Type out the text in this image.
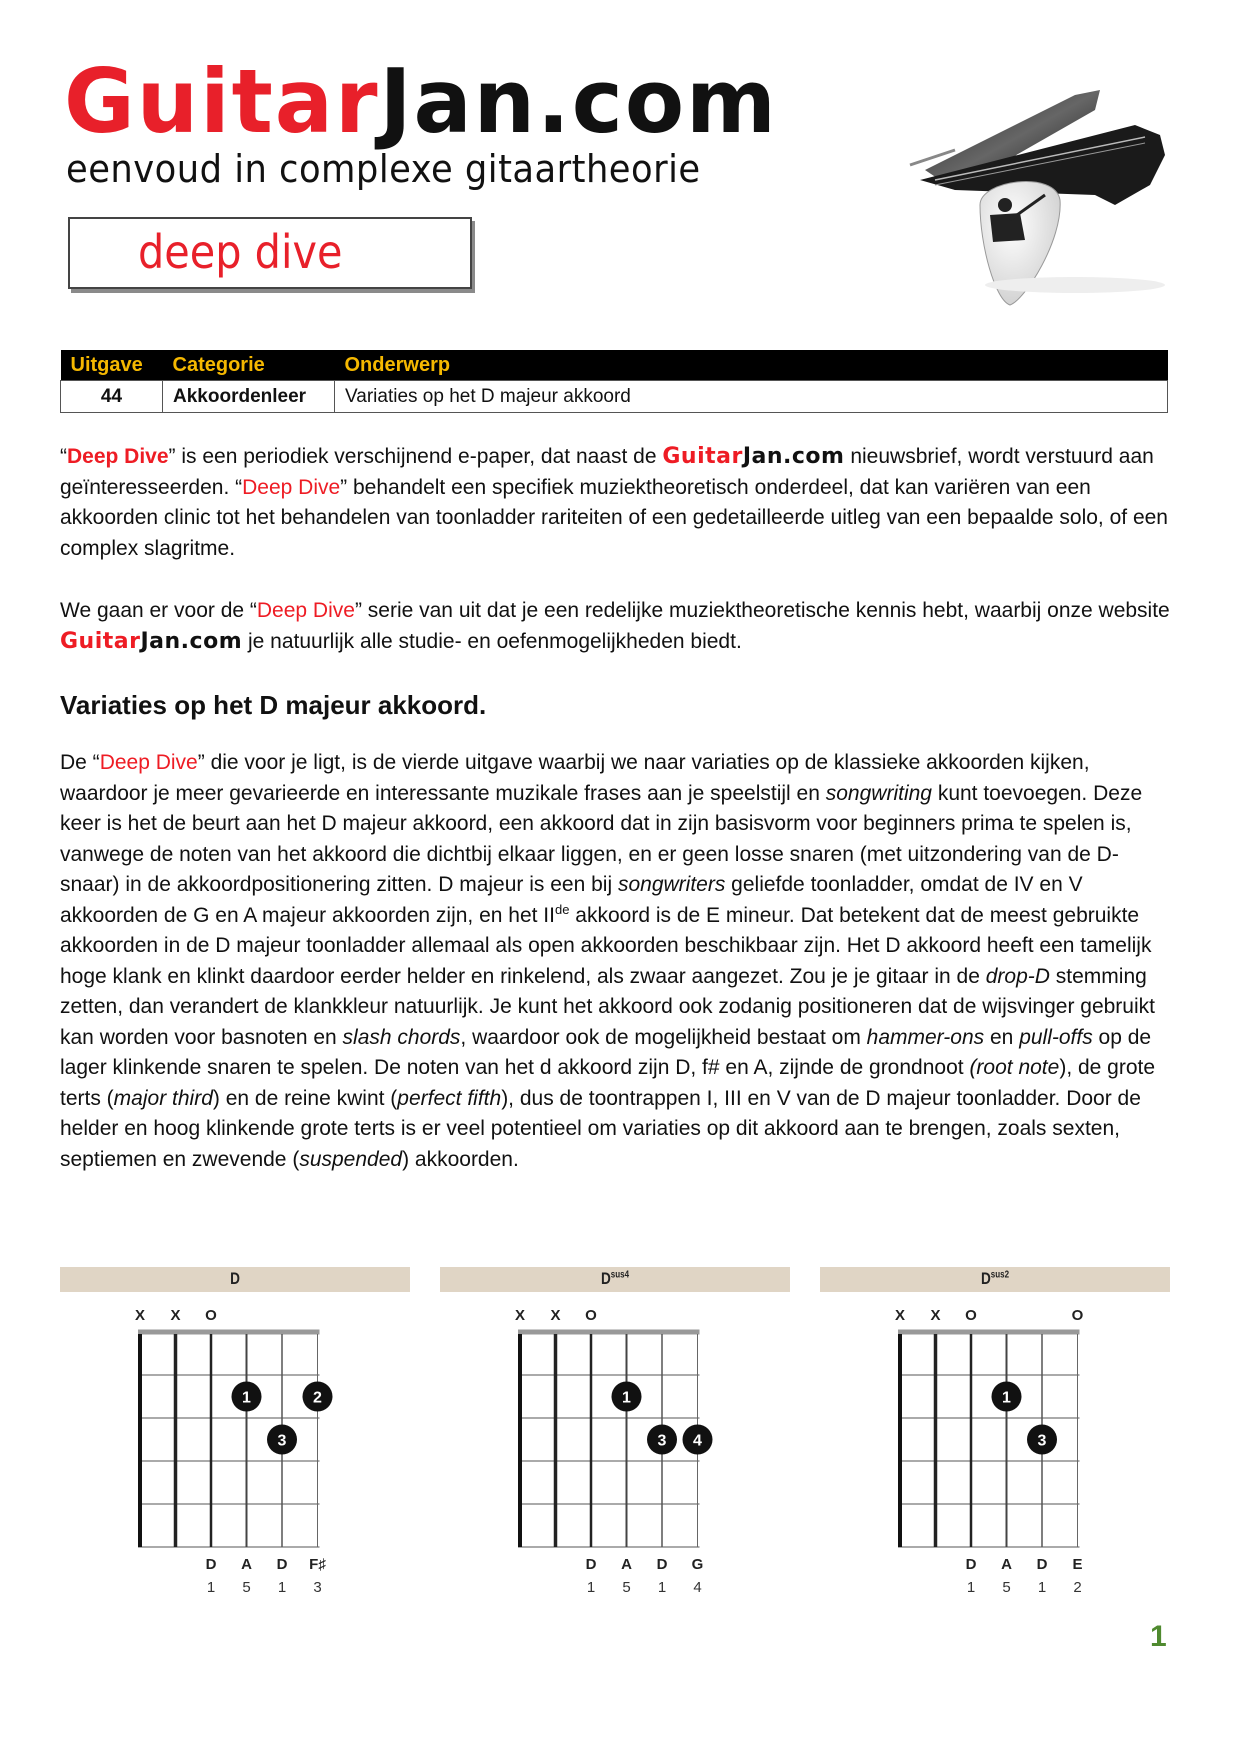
GuitarJan.com
eenvoud in complexe gitaartheorie
deep dive
Uitgave	Categorie	Onderwerp
44	Akkoordenleer	Variaties op het D majeur akkoord
“Deep Dive” is een periodiek verschijnend e-paper, dat naast de GuitarJan.com nieuwsbrief, wordt verstuurd aan geïnteresseerden. “Deep Dive” behandelt een specifiek muziektheoretisch onderdeel, dat kan variëren van een akkoorden clinic tot het behandelen van toonladder rariteiten of een gedetailleerde uitleg van een bepaalde solo, of een complex slagritme.
We gaan er voor de “Deep Dive” serie van uit dat je een redelijke muziektheoretische kennis hebt, waarbij onze website GuitarJan.com je natuurlijk alle studie- en oefenmogelijkheden biedt.
Variaties op het D majeur akkoord.
De “Deep Dive” die voor je ligt, is de vierde uitgave waarbij we naar variaties op de klassieke akkoorden kijken, waardoor je meer gevarieerde en interessante muzikale frases aan je speelstijl en songwriting kunt toevoegen. Deze keer is het de beurt aan het D majeur akkoord, een akkoord dat in zijn basisvorm voor beginners prima te spelen is, vanwege de noten van het akkoord die dichtbij elkaar liggen, en er geen losse snaren (met uitzondering van de D-snaar) in de akkoordpositionering zitten. D majeur is een bij songwriters geliefde toonladder, omdat de IV en V akkoorden de G en A majeur akkoorden zijn, en het IIde akkoord is de E mineur. Dat betekent dat de meest gebruikte akkoorden in de D majeur toonladder allemaal als open akkoorden beschikbaar zijn. Het D akkoord heeft een tamelijk hoge klank en klinkt daardoor eerder helder en rinkelend, als zwaar aangezet. Zou je je gitaar in de drop-D stemming zetten, dan verandert de klankkleur natuurlijk. Je kunt het akkoord ook zodanig positioneren dat de wijsvinger gebruikt kan worden voor basnoten en slash chords, waardoor ook de mogelijkheid bestaat om hammer-ons en pull-offs op de lager klinkende snaren te spelen. De noten van het d akkoord zijn D, f# en A, zijnde de grondnoot (root note), de grote terts (major third) en de reine kwint (perfect fifth), dus de toontrappen I, III en V van de D majeur toonladder. Door de helder en hoog klinkende grote terts is er veel potentieel om variaties op dit akkoord aan te brengen, zoals sexten, septiemen en zwevende (suspended) akkoorden.
D
X X O
D
1
A
5
D
1
F♯
3
1	2
3
$D^{sus4}$
X X O
D
1
A
5
D
1
G
4
1
3 4
$D^{sus2}$
X X O
D
1
A
5
D
1
O
E
2
1
3
1
